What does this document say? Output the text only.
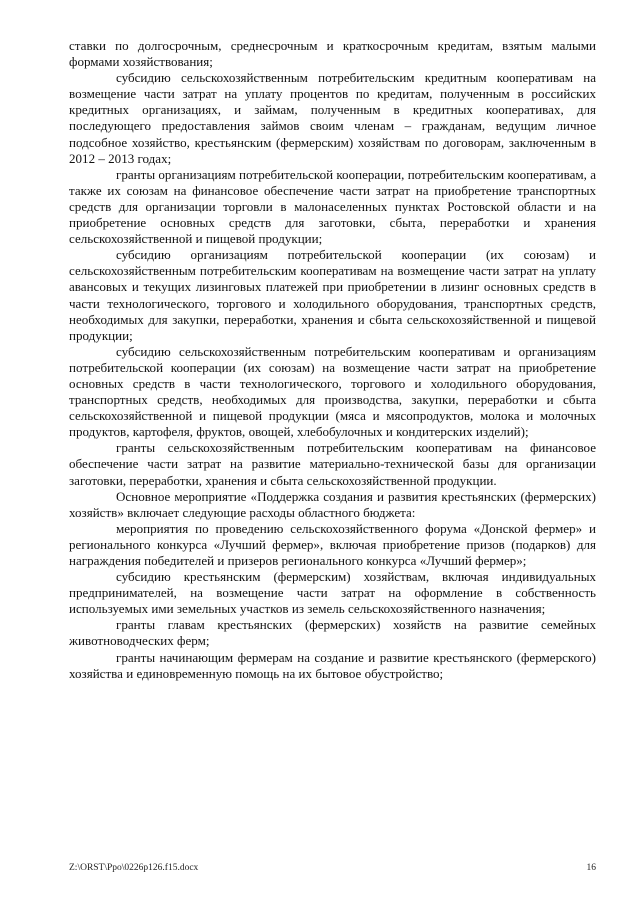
ставки по долгосрочным, среднесрочным и краткосрочным кредитам, взятым малыми формами хозяйствования;

субсидию сельскохозяйственным потребительским кредитным кооперативам на возмещение части затрат на уплату процентов по кредитам, полученным в российских кредитных организациях, и займам, полученным в кредитных кооперативах, для последующего предоставления займов своим членам – гражданам, ведущим личное подсобное хозяйство, крестьянским (фермерским) хозяйствам по договорам, заключенным в 2012 – 2013 годах;

гранты организациям потребительской кооперации, потребительским кооперативам, а также их союзам на финансовое обеспечение части затрат на приобретение транспортных средств для организации торговли в малонаселенных пунктах Ростовской области и на приобретение основных средств для заготовки, сбыта, переработки и хранения сельскохозяйственной и пищевой продукции;

субсидию организациям потребительской кооперации (их союзам) и сельскохозяйственным потребительским кооперативам на возмещение части затрат на уплату авансовых и текущих лизинговых платежей при приобретении в лизинг основных средств в части технологического, торгового и холодильного оборудования, транспортных средств, необходимых для закупки, переработки, хранения и сбыта сельскохозяйственной и пищевой продукции;

субсидию сельскохозяйственным потребительским кооперативам и организациям потребительской кооперации (их союзам) на возмещение части затрат на приобретение основных средств в части технологического, торгового и холодильного оборудования, транспортных средств, необходимых для производства, закупки, переработки и сбыта сельскохозяйственной и пищевой продукции (мяса и мясопродуктов, молока и молочных продуктов, картофеля, фруктов, овощей, хлебобулочных и кондитерских изделий);

гранты сельскохозяйственным потребительским кооперативам на финансовое обеспечение части затрат на развитие материально-технической базы для организации заготовки, переработки, хранения и сбыта сельскохозяйственной продукции.

Основное мероприятие «Поддержка создания и развития крестьянских (фермерских) хозяйств» включает следующие расходы областного бюджета:

мероприятия по проведению сельскохозяйственного форума «Донской фермер» и регионального конкурса «Лучший фермер», включая приобретение призов (подарков) для награждения победителей и призеров регионального конкурса «Лучший фермер»;

субсидию крестьянским (фермерским) хозяйствам, включая индивидуальных предпринимателей, на возмещение части затрат на оформление в собственность используемых ими земельных участков из земель сельскохозяйственного назначения;

гранты главам крестьянских (фермерских) хозяйств на развитие семейных животноводческих ферм;

гранты начинающим фермерам на создание и развитие крестьянского (фермерского) хозяйства и единовременную помощь на их бытовое обустройство;

Z:\ORST\Ppo\0226p126.f15.docx	16
